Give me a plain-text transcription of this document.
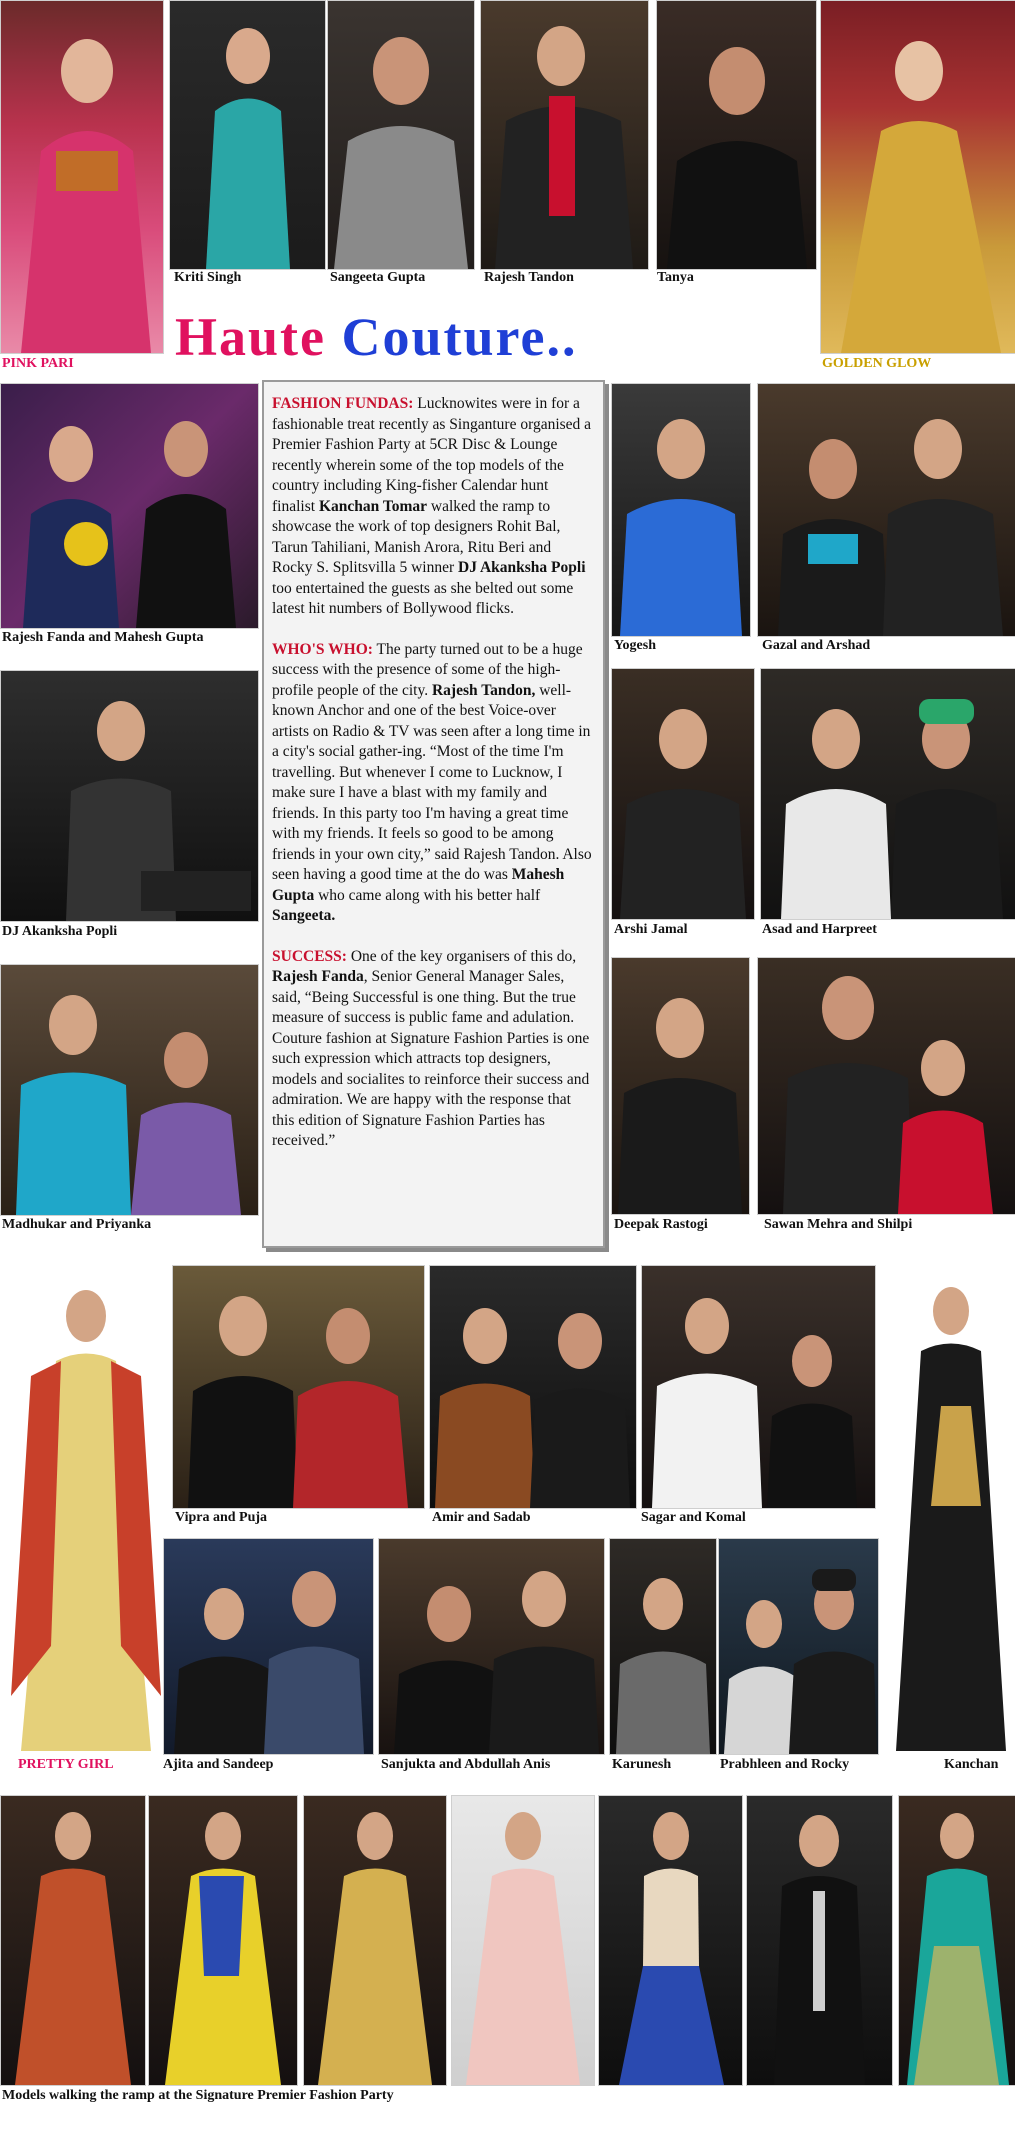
PINK PARI
Kriti Singh	Sangeeta Gupta	Rajesh Tandon	Tanya
GOLDEN GLOW
Haute Couture..
Rajesh Fanda and Mahesh Gupta
DJ Akanksha Popli
Madhukar and Priyanka

FASHION FUNDAS: Lucknowites were in for a fashionable treat recently as Singanture organised a Premier Fashion Party at 5CR Disc & Lounge recently wherein some of the top models of the country including King-fisher Calendar hunt finalist Kanchan Tomar walked the ramp to showcase the work of top designers Rohit Bal, Tarun Tahiliani, Manish Arora, Ritu Beri and Rocky S. Splitsvilla 5 winner DJ Akanksha Popli too entertained the guests as she belted out some latest hit numbers of Bollywood flicks.

WHO'S WHO: The party turned out to be a huge success with the presence of some of the high-profile people of the city. Rajesh Tandon, well-known Anchor and one of the best Voice-over artists on Radio & TV was seen after a long time in a city's social gather-ing. “Most of the time I'm travelling. But whenever I come to Lucknow, I make sure I have a blast with my family and friends. In this party too I'm having a great time with my friends. It feels so good to be among friends in your own city,” said Rajesh Tandon. Also seen having a good time at the do was Mahesh Gupta who came along with his better half Sangeeta.

SUCCESS: One of the key organisers of this do, Rajesh Fanda, Senior General Manager Sales, said, “Being Successful is one thing. But the true measure of success is public fame and adulation. Couture fashion at Signature Fashion Parties is one such expression which attracts top designers, models and socialites to reinforce their success and admiration. We are happy with the response that this edition of Signature Fashion Parties has received.”

Yogesh	Gazal and Arshad
Arshi Jamal	Asad and Harpreet
Deepak Rastogi	Sawan Mehra and Shilpi
PRETTY GIRL
Vipra and Puja	Amir and Sadab	Sagar and Komal
Kanchan
Ajita and Sandeep	Sanjukta and Abdullah Anis	Karunesh	Prabhleen and Rocky
Models walking the ramp at the Signature Premier Fashion Party
